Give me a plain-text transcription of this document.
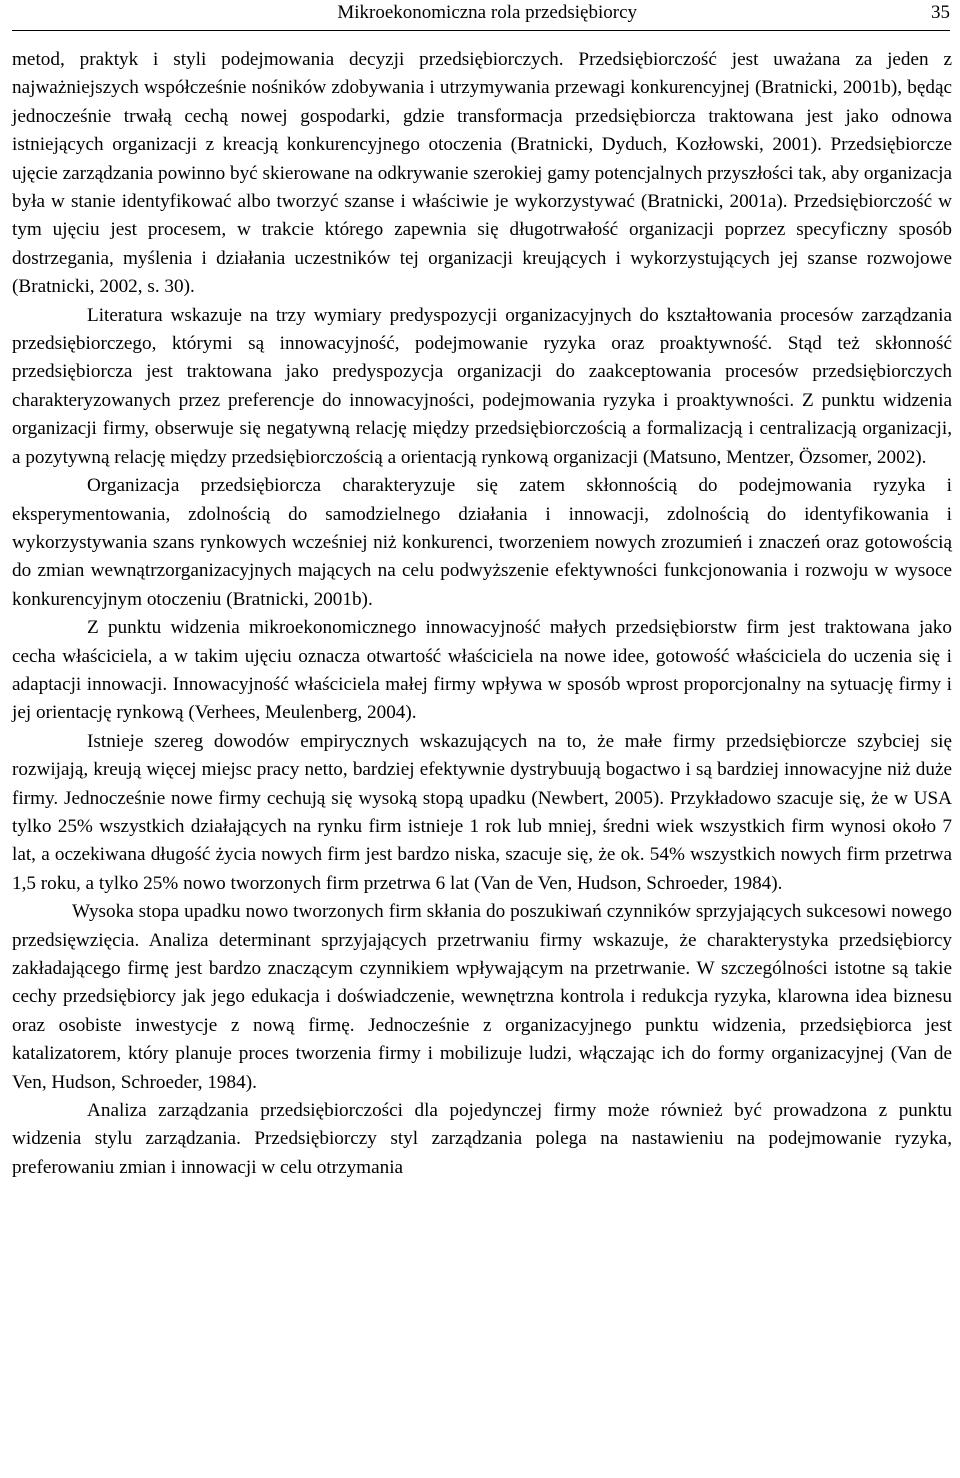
Mikroekonomiczna rola przedsiębiorcy	35

metod, praktyk i styli podejmowania decyzji przedsiębiorczych. Przedsiębiorczość jest uważana za jeden z najważniejszych współcześnie nośników zdobywania i utrzymywania przewagi konkurencyjnej (Bratnicki, 2001b), będąc jednocześnie trwałą cechą nowej gospodarki, gdzie transformacja przedsiębiorcza traktowana jest jako odnowa istniejących organizacji z kreacją konkurencyjnego otoczenia (Bratnicki, Dyduch, Kozłowski, 2001). Przedsiębiorcze ujęcie zarządzania powinno być skierowane na odkrywanie szerokiej gamy potencjalnych przyszłości tak, aby organizacja była w stanie identyfikować albo tworzyć szanse i właściwie je wykorzystywać (Bratnicki, 2001a). Przedsiębiorczość w tym ujęciu jest procesem, w trakcie którego zapewnia się długotrwałość organizacji poprzez specyficzny sposób dostrzegania, myślenia i działania uczestników tej organizacji kreujących i wykorzystujących jej szanse rozwojowe (Bratnicki, 2002, s. 30).

Literatura wskazuje na trzy wymiary predyspozycji organizacyjnych do kształtowania procesów zarządzania przedsiębiorczego, którymi są innowacyjność, podejmowanie ryzyka oraz proaktywność. Stąd też skłonność przedsiębiorcza jest traktowana jako predyspozycja organizacji do zaakceptowania procesów przedsiębiorczych charakteryzowanych przez preferencje do innowacyjności, podejmowania ryzyka i proaktywności. Z punktu widzenia organizacji firmy, obserwuje się negatywną relację między przedsiębiorczością a formalizacją i centralizacją organizacji, a pozytywną relację między przedsiębiorczością a orientacją rynkową organizacji (Matsuno, Mentzer, Özsomer, 2002).

Organizacja przedsiębiorcza charakteryzuje się zatem skłonnością do podejmowania ryzyka i eksperymentowania, zdolnością do samodzielnego działania i innowacji, zdolnością do identyfikowania i wykorzystywania szans rynkowych wcześniej niż konkurenci, tworzeniem nowych zrozumień i znaczeń oraz gotowością do zmian wewnątrzorganizacyjnych mających na celu podwyższenie efektywności funkcjonowania i rozwoju w wysoce konkurencyjnym otoczeniu (Bratnicki, 2001b).

Z punktu widzenia mikroekonomicznego innowacyjność małych przedsiębiorstw firm jest traktowana jako cecha właściciela, a w takim ujęciu oznacza otwartość właściciela na nowe idee, gotowość właściciela do uczenia się i adaptacji innowacji. Innowacyjność właściciela małej firmy wpływa w sposób wprost proporcjonalny na sytuację firmy i jej orientację rynkową (Verhees, Meulenberg, 2004).

Istnieje szereg dowodów empirycznych wskazujących na to, że małe firmy przedsiębiorcze szybciej się rozwijają, kreują więcej miejsc pracy netto, bardziej efektywnie dystrybuują bogactwo i są bardziej innowacyjne niż duże firmy. Jednocześnie nowe firmy cechują się wysoką stopą upadku (Newbert, 2005). Przykładowo szacuje się, że w USA tylko 25% wszystkich działających na rynku firm istnieje 1 rok lub mniej, średni wiek wszystkich firm wynosi około 7 lat, a oczekiwana długość życia nowych firm jest bardzo niska, szacuje się, że ok. 54% wszystkich nowych firm przetrwa 1,5 roku, a tylko 25% nowo tworzonych firm przetrwa 6 lat (Van de Ven, Hudson, Schroeder, 1984).

Wysoka stopa upadku nowo tworzonych firm skłania do poszukiwań czynników sprzyjających sukcesowi nowego przedsięwzięcia. Analiza determinant sprzyjających przetrwaniu firmy wskazuje, że charakterystyka przedsiębiorcy zakładającego firmę jest bardzo znaczącym czynnikiem wpływającym na przetrwanie. W szczególności istotne są takie cechy przedsiębiorcy jak jego edukacja i doświadczenie, wewnętrzna kontrola i redukcja ryzyka, klarowna idea biznesu oraz osobiste inwestycje z nową firmę. Jednocześnie z organizacyjnego punktu widzenia, przedsiębiorca jest katalizatorem, który planuje proces tworzenia firmy i mobilizuje ludzi, włączając ich do formy organizacyjnej (Van de Ven, Hudson, Schroeder, 1984).

Analiza zarządzania przedsiębiorczości dla pojedynczej firmy może również być prowadzona z punktu widzenia stylu zarządzania. Przedsiębiorczy styl zarządzania polega na nastawieniu na podejmowanie ryzyka, preferowaniu zmian i innowacji w celu otrzymania
